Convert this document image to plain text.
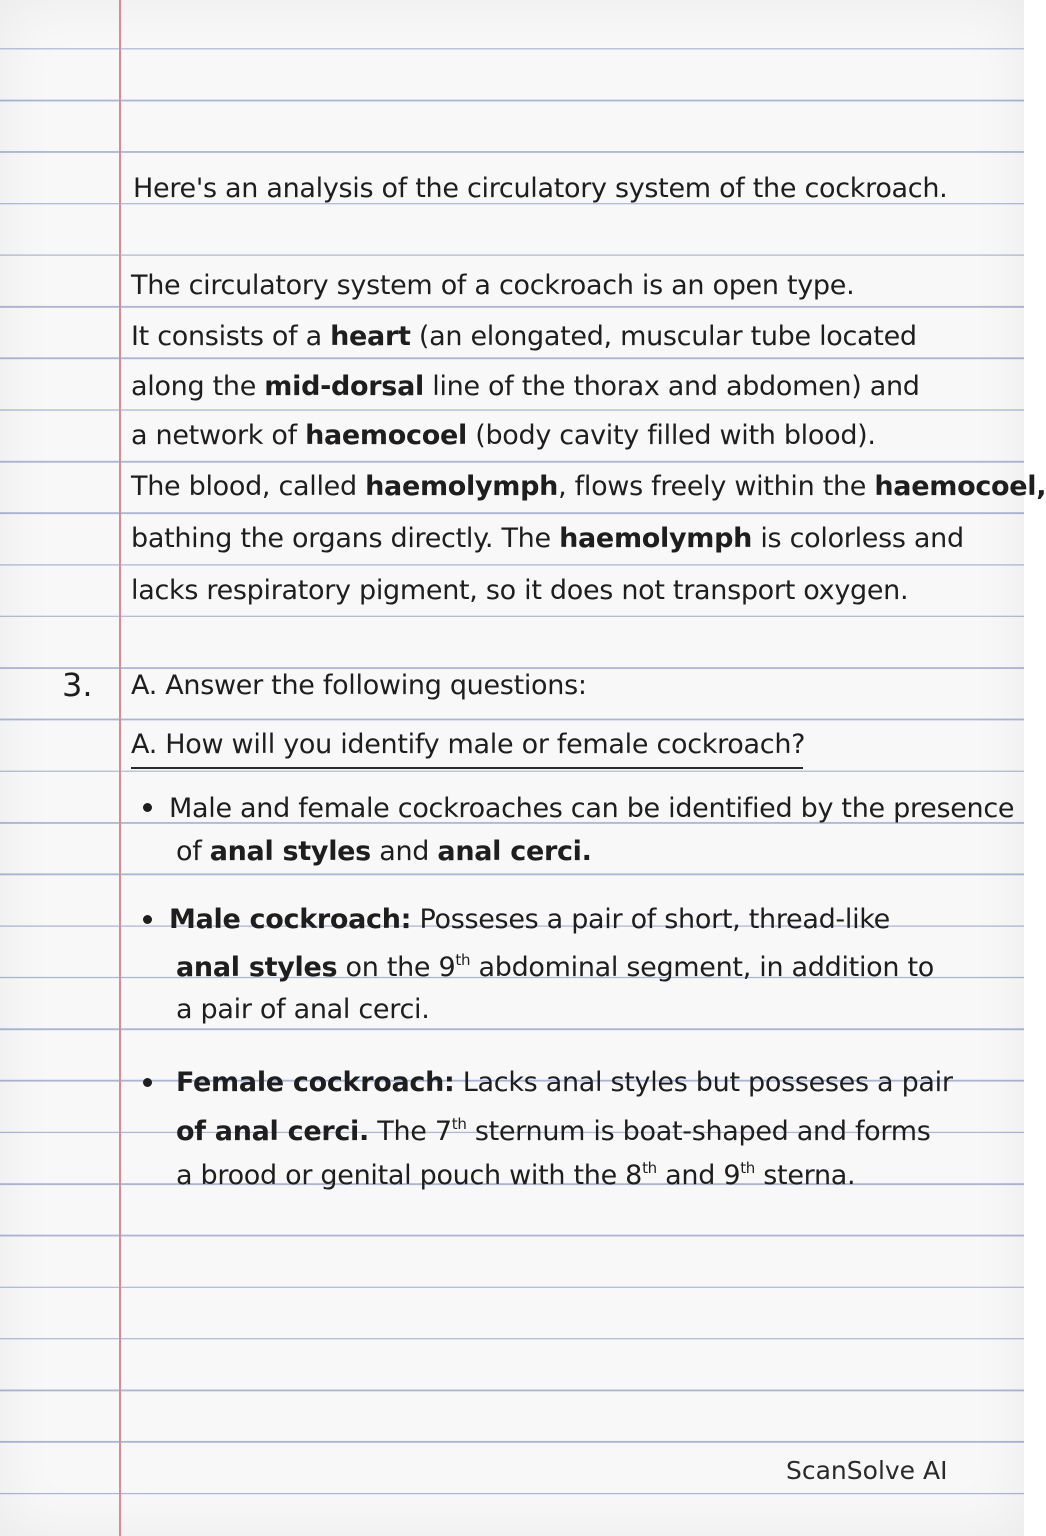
Here's an analysis of the circulatory system of the cockroach.
The circulatory system of a cockroach is an open type.
It consists of a heart (an elongated, muscular tube located
along the mid-dorsal line of the thorax and abdomen) and
a network of haemocoel (body cavity filled with blood).
The blood, called haemolymph, flows freely within the haemocoel,
bathing the organs directly. The haemolymph is colorless and
lacks respiratory pigment, so it does not transport oxygen.
3. A. Answer the following questions:
A. How will you identify male or female cockroach?
Male and female cockroaches can be identified by the presence
of anal styles and anal cerci.
Male cockroach: Posseses a pair of short, thread-like
anal styles on the 9th abdominal segment, in addition to
a pair of anal cerci.
Female cockroach: Lacks anal styles but posseses a pair
of anal cerci. The 7th sternum is boat-shaped and forms
a brood or genital pouch with the 8th and 9th sterna.
ScanSolve AI
